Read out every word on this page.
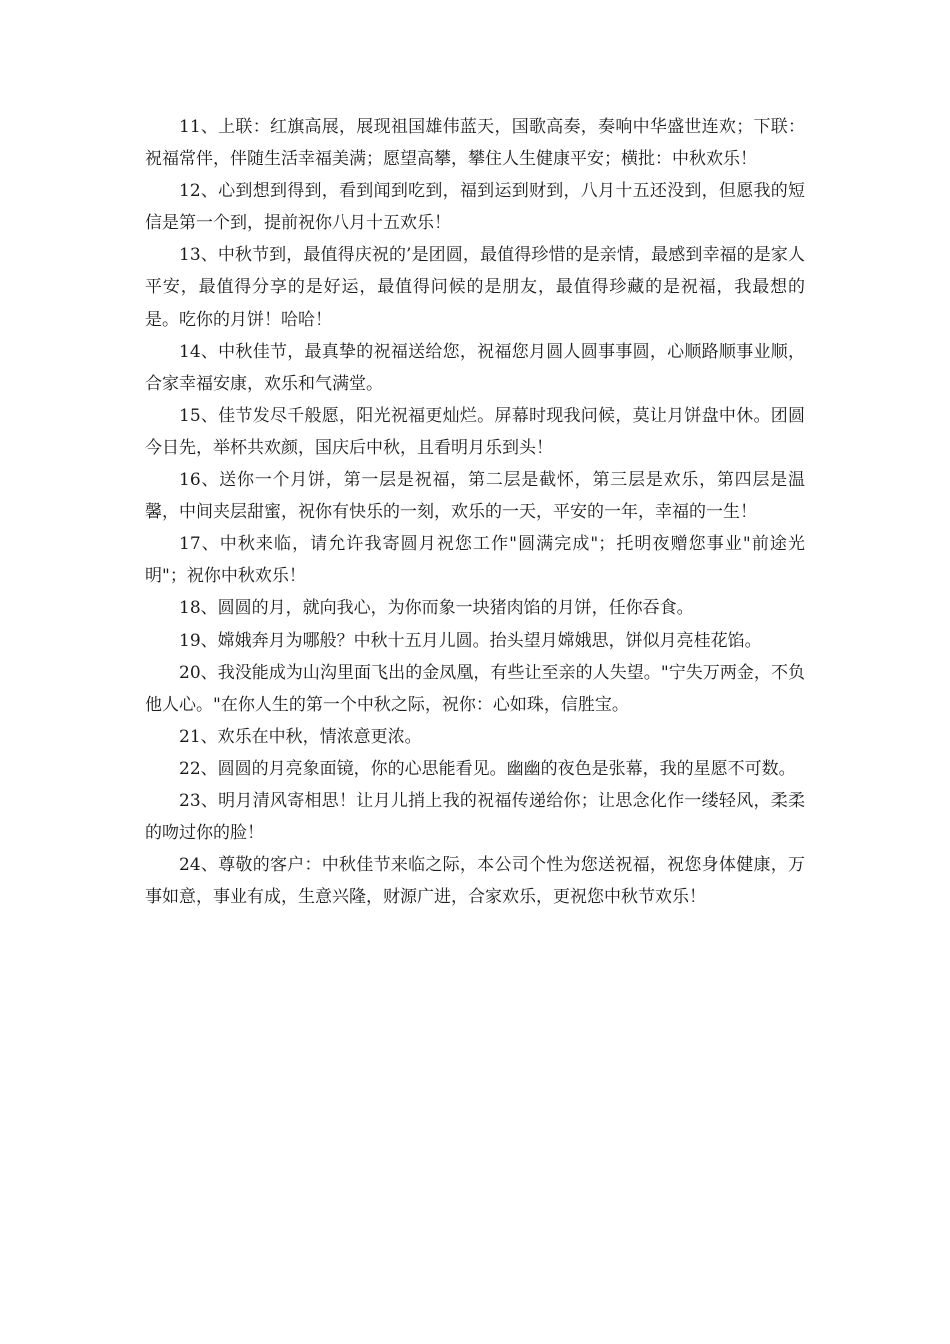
11、上联：红旗高展，展现祖国雄伟蓝天，国歌高奏，奏响中华盛世连欢；下联：祝福常伴，伴随生活幸福美满；愿望高攀，攀住人生健康平安；横批：中秋欢乐！

12、心到想到得到，看到闻到吃到，福到运到财到，八月十五还没到，但愿我的短信是第一个到，提前祝你八月十五欢乐！

13、中秋节到，最值得庆祝的’是团圆，最值得珍惜的是亲情，最感到幸福的是家人平安，最值得分享的是好运，最值得问候的是朋友，最值得珍藏的是祝福，我最想的是。吃你的月饼！哈哈！

14、中秋佳节，最真挚的祝福送给您，祝福您月圆人圆事事圆，心顺路顺事业顺，合家幸福安康，欢乐和气满堂。

15、佳节发尽千般愿，阳光祝福更灿烂。屏幕时现我问候，莫让月饼盘中休。团圆今日先，举杯共欢颜，国庆后中秋，且看明月乐到头！

16、送你一个月饼，第一层是祝福，第二层是截怀，第三层是欢乐，第四层是温馨，中间夹层甜蜜，祝你有快乐的一刻，欢乐的一天，平安的一年，幸福的一生！

17、中秋来临，请允许我寄圆月祝您工作"圆满完成"；托明夜赠您事业"前途光明"；祝你中秋欢乐！

18、圆圆的月，就向我心，为你而象一块猪肉馅的月饼，任你吞食。

19、嫦娥奔月为哪般？中秋十五月儿圆。抬头望月嫦娥思，饼似月亮桂花馅。

20、我没能成为山沟里面飞出的金凤凰，有些让至亲的人失望。"宁失万两金，不负他人心。"在你人生的第一个中秋之际，祝你：心如珠，信胜宝。

21、欢乐在中秋，情浓意更浓。

22、圆圆的月亮象面镜，你的心思能看见。幽幽的夜色是张幕，我的星愿不可数。

23、明月清风寄相思！让月儿捎上我的祝福传递给你；让思念化作一缕轻风，柔柔的吻过你的脸！

24、尊敬的客户：中秋佳节来临之际，本公司个性为您送祝福，祝您身体健康，万事如意，事业有成，生意兴隆，财源广进，合家欢乐，更祝您中秋节欢乐！
